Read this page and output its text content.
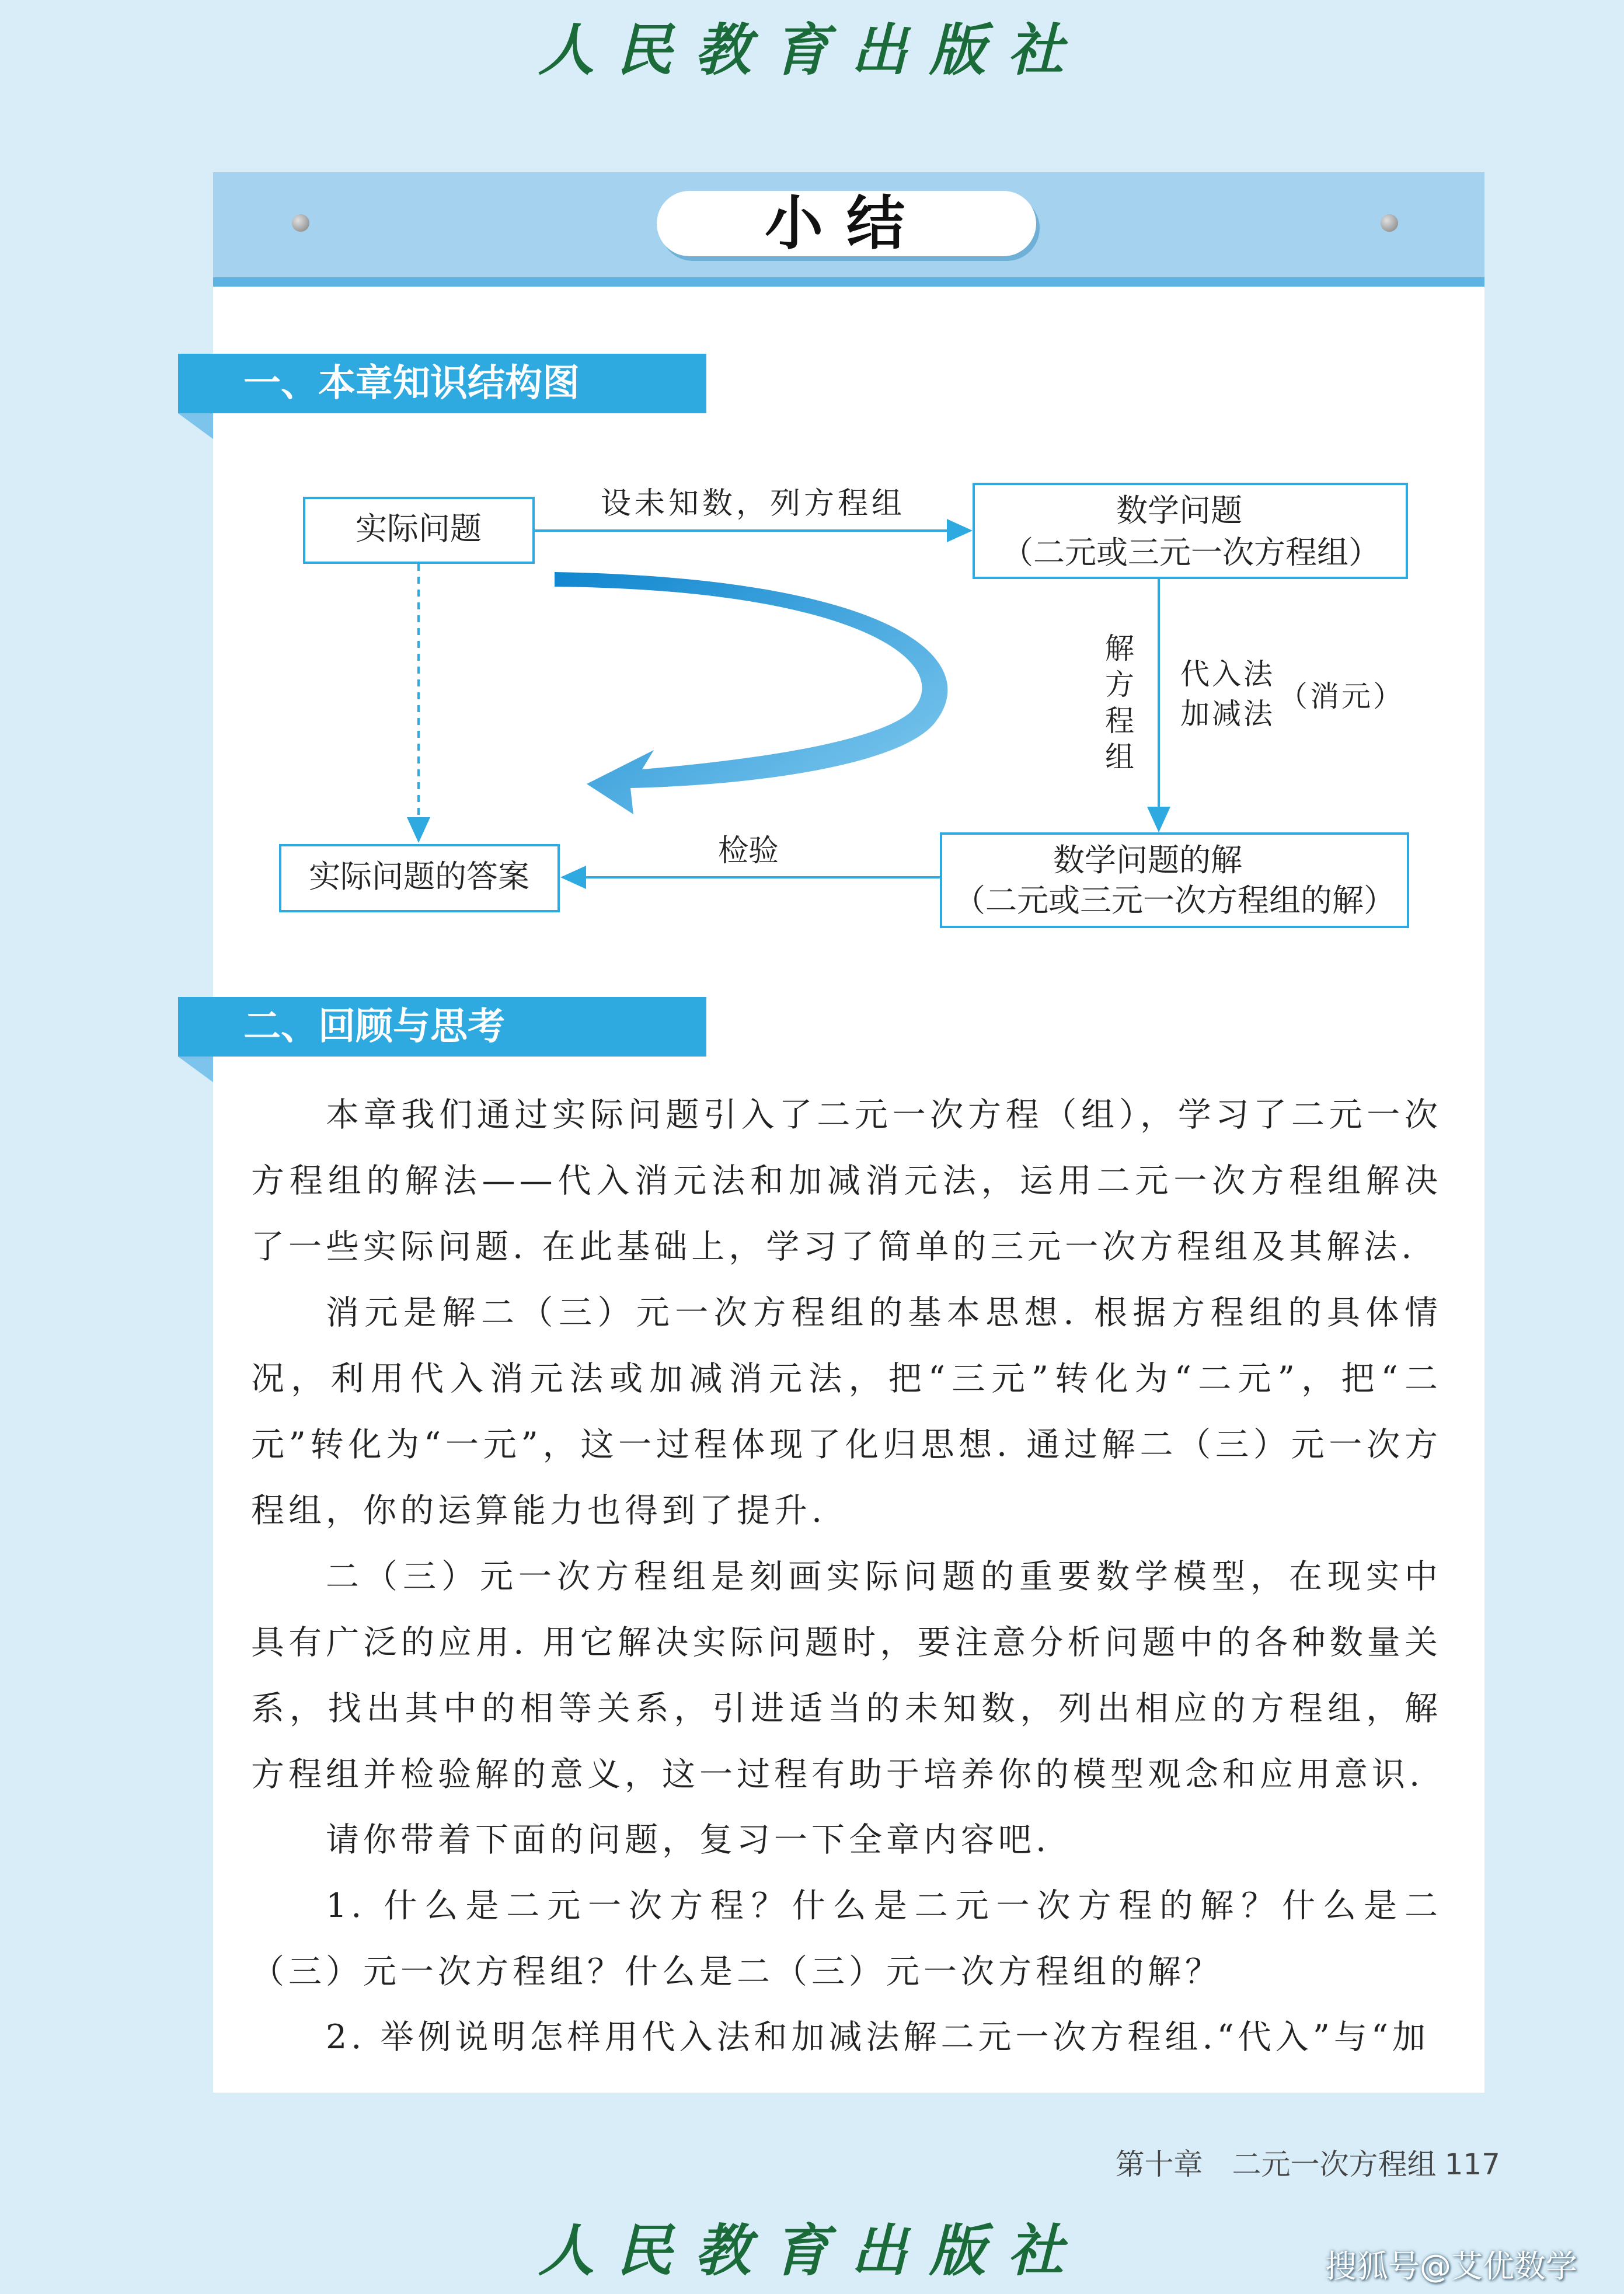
人民教育出版社
小结
一、本章知识结构图
实际问题	数学问题
（二元或三元一次方程组）
数学问题的解
（二元或三元一次方程组的解）
实际问题的答案
设未知数，列方程组
解
方
程
组
代入法
加减法
（消元）
检验
二、回顾与思考
本章我们通过实际问题引入了二元一次方程（组），学习了二元一次方程组的解法——代入消元法和加减消元法，运用二元一次方程组解决了一些实际问题. 在此基础上，学习了简单的三元一次方程组及其解法.
消元是解二（三）元一次方程组的基本思想. 根据方程组的具体情况，利用代入消元法或加减消元法，把“三元”转化为“二元”，把“二元”转化为“一元”，这一过程体现了化归思想. 通过解二（三）元一次方程组，你的运算能力也得到了提升.
二（三）元一次方程组是刻画实际问题的重要数学模型，在现实中具有广泛的应用. 用它解决实际问题时，要注意分析问题中的各种数量关系，找出其中的相等关系，引进适当的未知数，列出相应的方程组，解方程组并检验解的意义，这一过程有助于培养你的模型观念和应用意识.
请你带着下面的问题，复习一下全章内容吧.
1. 什么是二元一次方程？什么是二元一次方程的解？什么是二（三）元一次方程组？什么是二（三）元一次方程组的解？
2. 举例说明怎样用代入法和加减法解二元一次方程组.“代入”与“加
第十章　二元一次方程组 117
人民教育出版社	搜狐号@艾优数学
